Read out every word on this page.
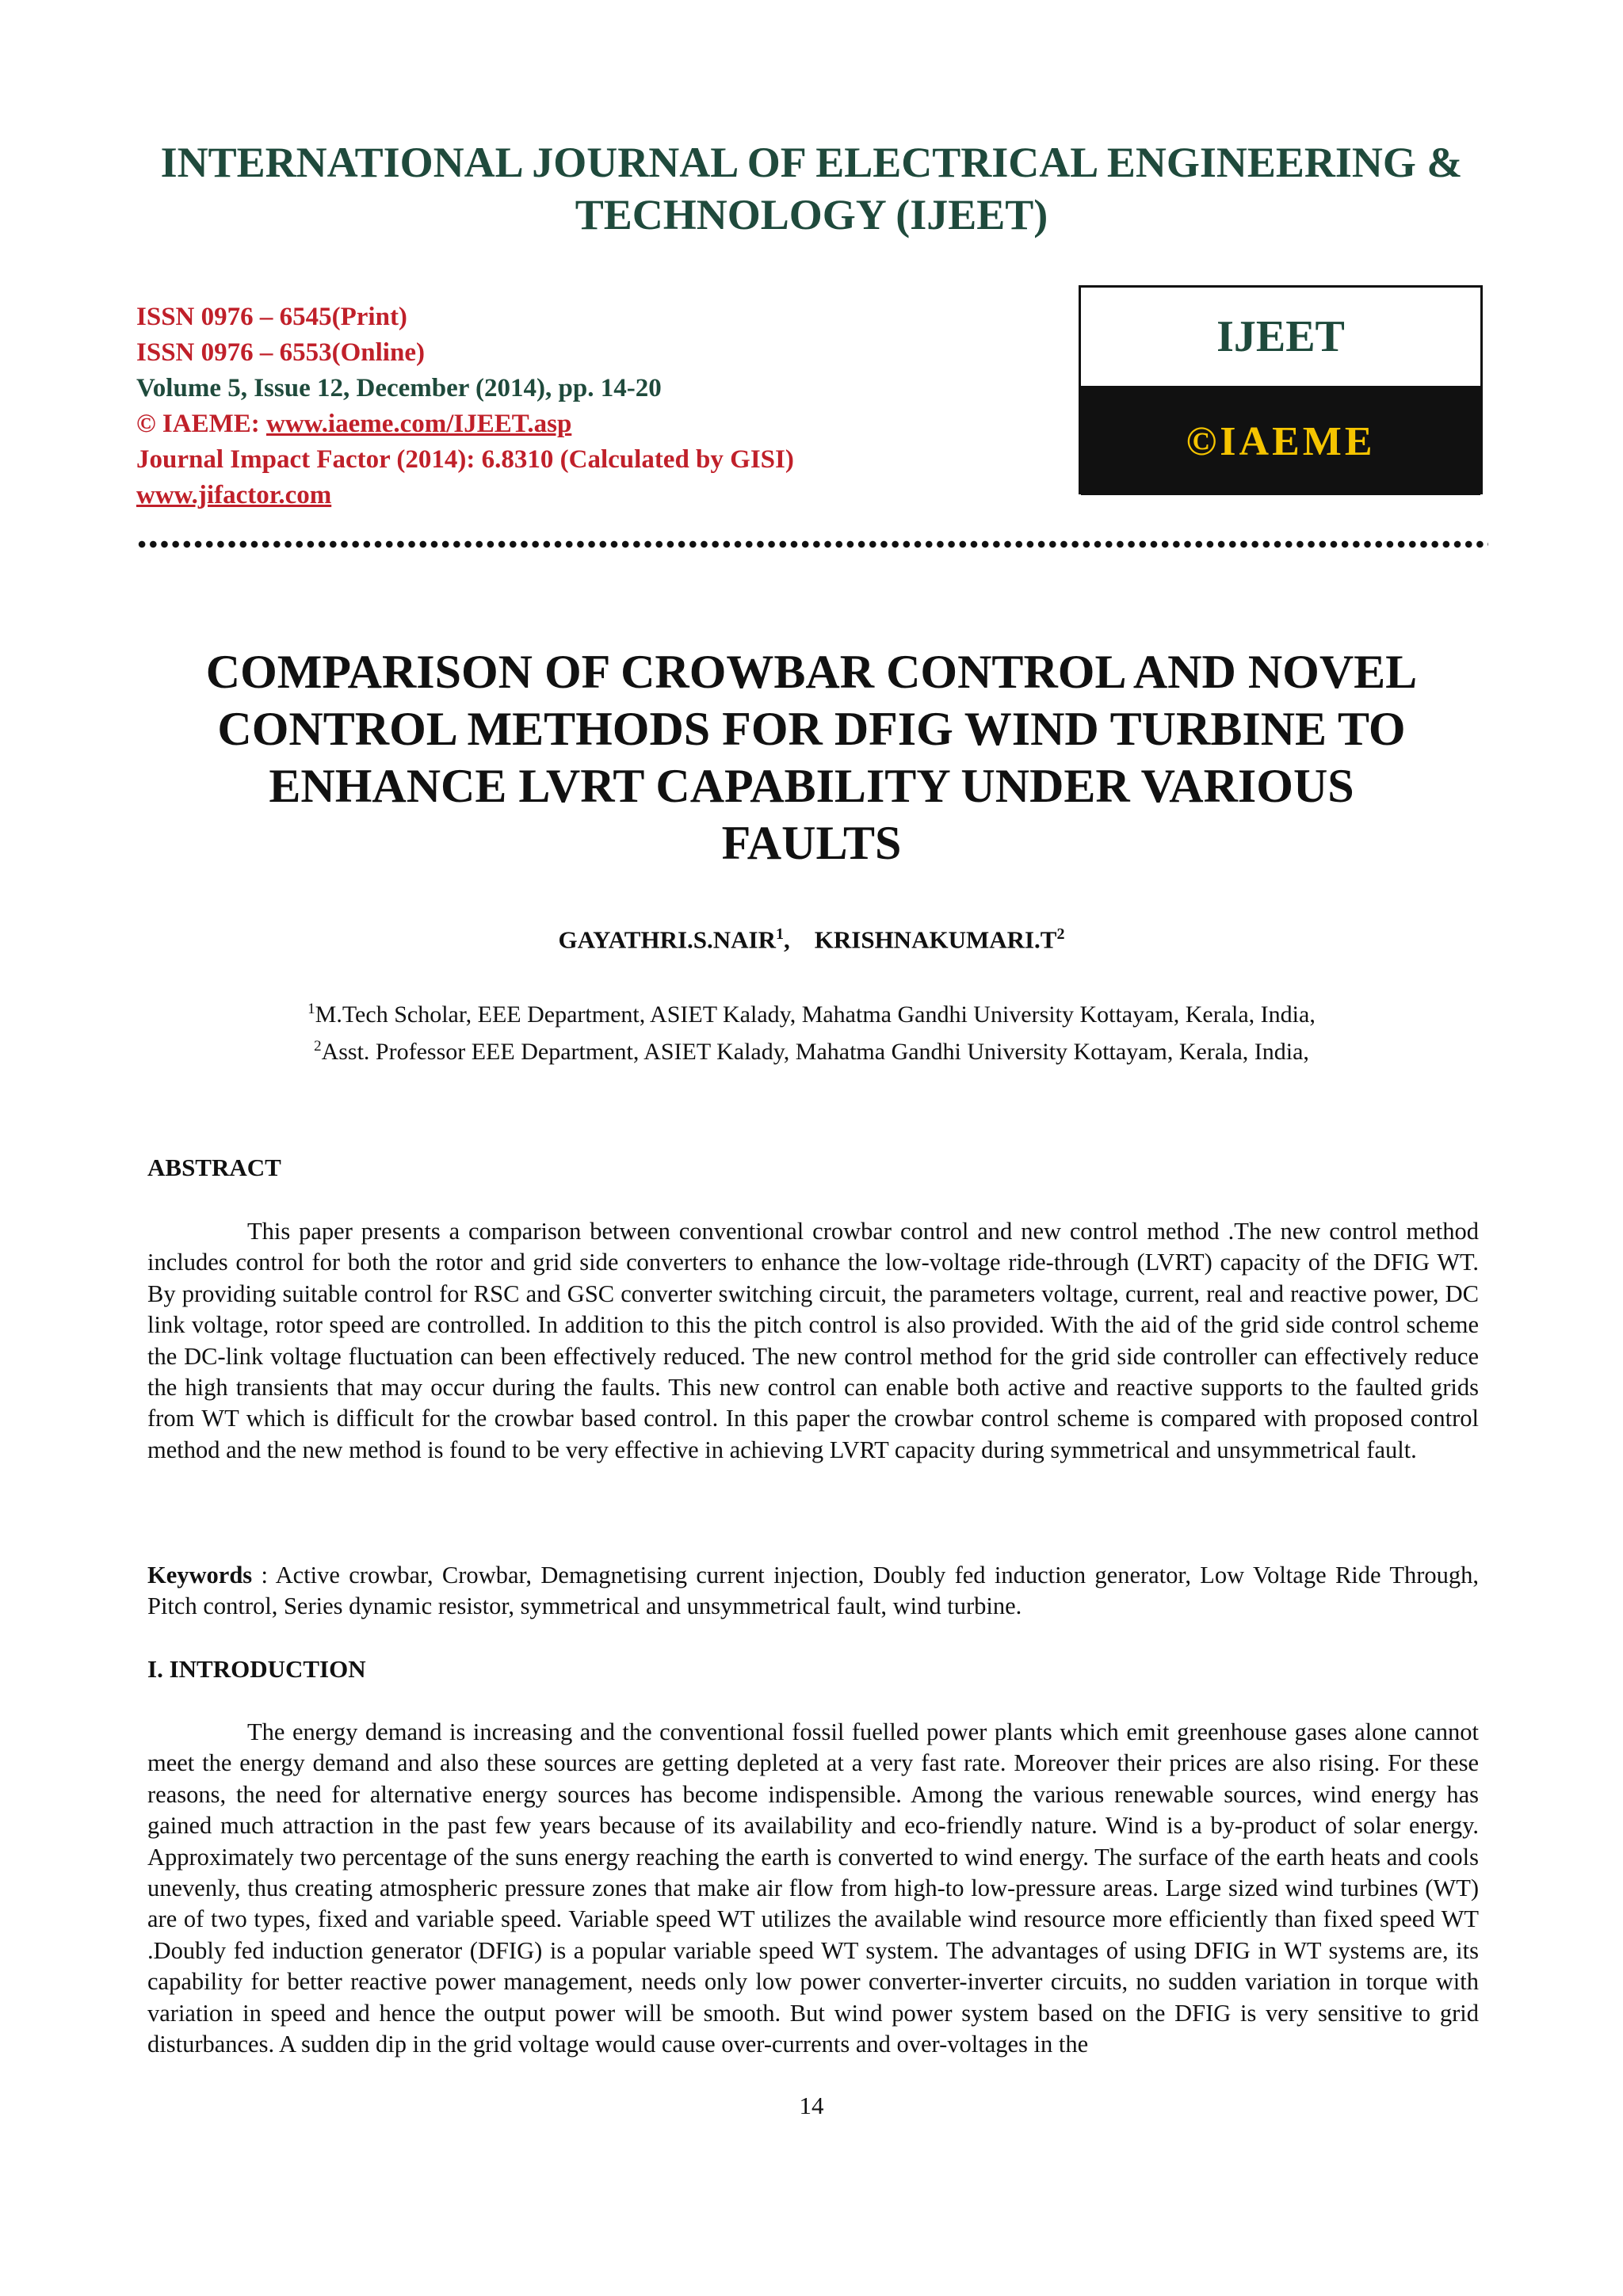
INTERNATIONAL JOURNAL OF ELECTRICAL ENGINEERING &
TECHNOLOGY (IJEET)
ISSN 0976 – 6545(Print)
ISSN 0976 – 6553(Online)
Volume 5, Issue 12, December (2014), pp. 14-20
© IAEME: www.iaeme.com/IJEET.asp
Journal Impact Factor (2014): 6.8310 (Calculated by GISI)
www.jifactor.com
IJEET
©IAEME
COMPARISON OF CROWBAR CONTROL AND NOVEL
CONTROL METHODS FOR DFIG WIND TURBINE TO
ENHANCE LVRT CAPABILITY UNDER VARIOUS
FAULTS
GAYATHRI.S.NAIR$^1$, $KRISHNAKUMARI.T^2$
$^1$M.Tech Scholar, EEE Department, ASIET Kalady, Mahatma Gandhi University Kottayam, Kerala, India,
$^2$Asst. Professor EEE Department, ASIET Kalady, Mahatma Gandhi University Kottayam, Kerala, India,
ABSTRACT
This paper presents a comparison between conventional crowbar control and new control method .The new control method includes control for both the rotor and grid side converters to enhance the low-voltage ride-through (LVRT) capacity of the DFIG WT. By providing suitable control for RSC and GSC converter switching circuit, the parameters voltage, current, real and reactive power, DC link voltage, rotor speed are controlled. In addition to this the pitch control is also provided. With the aid of the grid side control scheme the DC-link voltage fluctuation can been effectively reduced. The new control method for the grid side controller can effectively reduce the high transients that may occur during the faults. This new control can enable both active and reactive supports to the faulted grids from WT which is difficult for the crowbar based control. In this paper the crowbar control scheme is compared with proposed control method and the new method is found to be very effective in achieving LVRT capacity during symmetrical and unsymmetrical fault.
Keywords : Active crowbar, Crowbar, Demagnetising current injection, Doubly fed induction generator, Low Voltage Ride Through, Pitch control, Series dynamic resistor, symmetrical and unsymmetrical fault, wind turbine.
I. INTRODUCTION
The energy demand is increasing and the conventional fossil fuelled power plants which emit greenhouse gases alone cannot meet the energy demand and also these sources are getting depleted at a very fast rate. Moreover their prices are also rising. For these reasons, the need for alternative energy sources has become indispensible. Among the various renewable sources, wind energy has gained much attraction in the past few years because of its availability and eco-friendly nature. Wind is a by-product of solar energy. Approximately two percentage of the suns energy reaching the earth is converted to wind energy. The surface of the earth heats and cools unevenly, thus creating atmospheric pressure zones that make air flow from high-to low-pressure areas. Large sized wind turbines (WT) are of two types, fixed and variable speed. Variable speed WT utilizes the available wind resource more efficiently than fixed speed WT .Doubly fed induction generator (DFIG) is a popular variable speed WT system. The advantages of using DFIG in WT systems are, its capability for better reactive power management, needs only low power converter-inverter circuits, no sudden variation in torque with variation in speed and hence the output power will be smooth. But wind power system based on the DFIG is very sensitive to grid disturbances. A sudden dip in the grid voltage would cause over-currents and over-voltages in the
14
